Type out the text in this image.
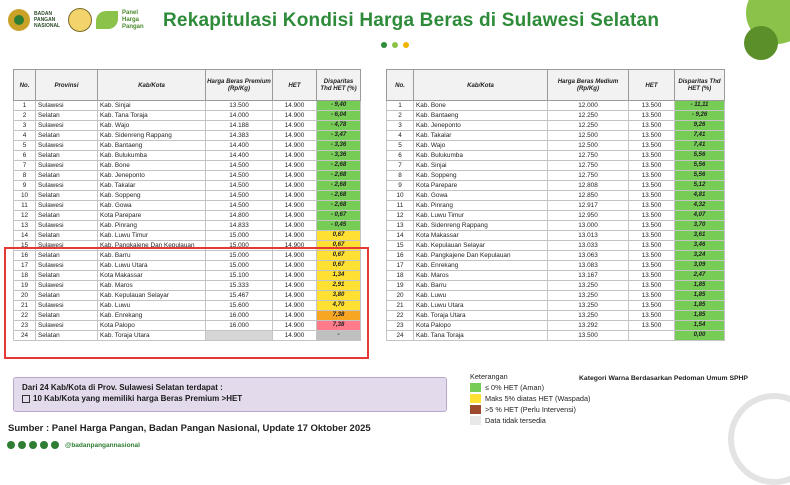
BADAN PANGAN NASIONAL
Panel Harga Pangan	Rekapitulasi Kondisi Harga Beras di Sulawesi Selatan
No.	Provinsi	Kab/Kota	Harga Beras Premium (Rp/Kg)	HET	Disparitas Thd HET (%)
1	Sulawesi	Kab. Sinjai	13.500	14.900	- 9,40
2	Selatan	Kab. Tana Toraja	14.000	14.900	- 6,04
3	Sulawesi	Kab. Wajo	14.188	14.900	- 4,78
4	Selatan	Kab. Sidenreng Rappang	14.383	14.900	- 3,47
5	Sulawesi	Kab. Bantaeng	14.400	14.900	- 3,36
6	Selatan	Kab. Bulukumba	14.400	14.900	- 3,36
7	Sulawesi	Kab. Bone	14.500	14.900	- 2,68
8	Selatan	Kab. Jeneponto	14.500	14.900	- 2,68
9	Sulawesi	Kab. Takalar	14.500	14.900	- 2,68
10	Selatan	Kab. Soppeng	14.500	14.900	- 2,68
11	Sulawesi	Kab. Gowa	14.500	14.900	- 2,68
12	Selatan	Kota Parepare	14.800	14.900	- 0,67
13	Sulawesi	Kab. Pinrang	14.833	14.900	- 0,45
14	Selatan	Kab. Luwu Timur	15.000	14.900	0,67
15	Sulawesi	Kab. Pangkajene Dan Kepulauan	15.000	14.900	0,67
16	Selatan	Kab. Barru	15.000	14.900	0,67
17	Sulawesi	Kab. Luwu Utara	15.000	14.900	0,67
18	Selatan	Kota Makassar	15.100	14.900	1,34
19	Sulawesi	Kab. Maros	15.333	14.900	2,91
20	Selatan	Kab. Kepulauan Selayar	15.467	14.900	3,80
21	Sulawesi	Kab. Luwu	15.600	14.900	4,70
22	Selatan	Kab. Enrekang	16.000	14.900	7,38
23	Sulawesi	Kota Palopo	16.000	14.900	7,38
24	Selatan	Kab. Toraja Utara		14.900	-
No.	Kab/Kota	Harga Beras Medium (Rp/Kg)	HET	Disparitas Thd HET (%)
1	Kab. Bone	12.000	13.500	- 11,11
2	Kab. Bantaeng	12.250	13.500	- 9,26
3	Kab. Jeneponto	12.250	13.500	9,26
4	Kab. Takalar	12.500	13.500	7,41
5	Kab. Wajo	12.500	13.500	7,41
6	Kab. Bulukumba	12.750	13.500	5,56
7	Kab. Sinjai	12.750	13.500	5,56
8	Kab. Soppeng	12.750	13.500	5,56
9	Kota Parepare	12.808	13.500	5,12
10	Kab. Gowa	12.850	13.500	4,81
11	Kab. Pinrang	12.917	13.500	4,32
12	Kab. Luwu Timur	12.950	13.500	4,07
13	Kab. Sidenreng Rappang	13.000	13.500	3,70
14	Kota Makassar	13.013	13.500	3,61
15	Kab. Kepulauan Selayar	13.033	13.500	3,46
16	Kab. Pangkajene Dan Kepulauan	13.063	13.500	3,24
17	Kab. Enrekang	13.083	13.500	3,09
18	Kab. Maros	13.167	13.500	2,47
19	Kab. Barru	13.250	13.500	1,85
20	Kab. Luwu	13.250	13.500	1,85
21	Kab. Luwu Utara	13.250	13.500	1,85
22	Kab. Toraja Utara	13.250	13.500	1,85
23	Kota Palopo	13.292	13.500	1,54
24	Kab. Tana Toraja	13.500		0,00
Dari 24 Kab/Kota di Prov. Sulawesi Selatan terdapat :
10 Kab/Kota yang memiliki harga Beras Premium >HET
Keterangan
≤ 0% HET (Aman)
Maks 5% diatas HET (Waspada)
>5 % HET (Perlu Intervensi)
Data tidak tersedia
Kategori Warna Berdasarkan Pedoman Umum SPHP
Sumber : Panel Harga Pangan, Badan Pangan Nasional, Update 17 Oktober 2025
@badanpangannasional
